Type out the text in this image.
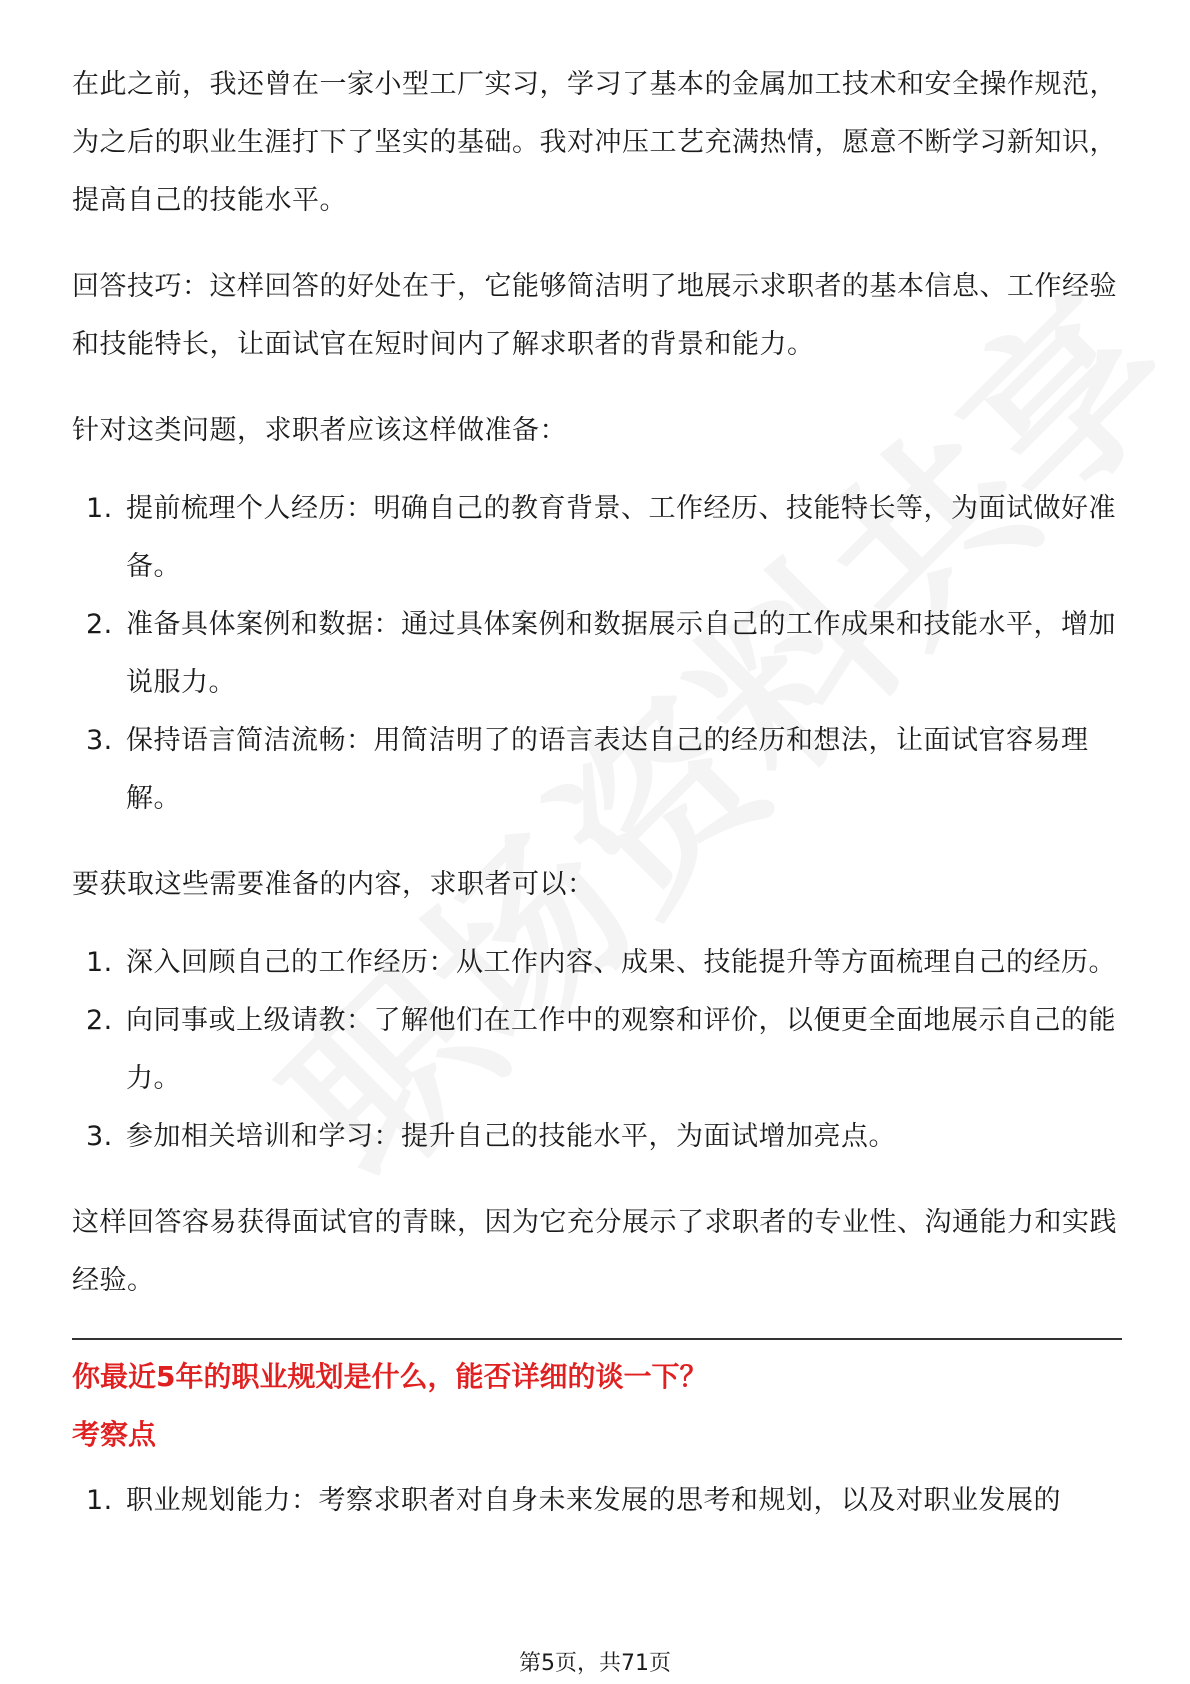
在此之前，我还曾在一家小型工厂实习，学习了基本的金属加工技术和安全操作规范，为之后的职业生涯打下了坚实的基础。我对冲压工艺充满热情，愿意不断学习新知识，提高自己的技能水平。

回答技巧：这样回答的好处在于，它能够简洁明了地展示求职者的基本信息、工作经验和技能特长，让面试官在短时间内了解求职者的背景和能力。

针对这类问题，求职者应该这样做准备：

1. 提前梳理个人经历：明确自己的教育背景、工作经历、技能特长等，为面试做好准备。
2. 准备具体案例和数据：通过具体案例和数据展示自己的工作成果和技能水平，增加说服力。
3. 保持语言简洁流畅：用简洁明了的语言表达自己的经历和想法，让面试官容易理解。

要获取这些需要准备的内容，求职者可以：

1. 深入回顾自己的工作经历：从工作内容、成果、技能提升等方面梳理自己的经历。
2. 向同事或上级请教：了解他们在工作中的观察和评价，以便更全面地展示自己的能力。
3. 参加相关培训和学习：提升自己的技能水平，为面试增加亮点。

这样回答容易获得面试官的青睐，因为它充分展示了求职者的专业性、沟通能力和实践经验。

你最近5年的职业规划是什么，能否详细的谈一下？

考察点

1. 职业规划能力：考察求职者对自身未来发展的思考和规划，以及对职业发展的
第5页，共71页
